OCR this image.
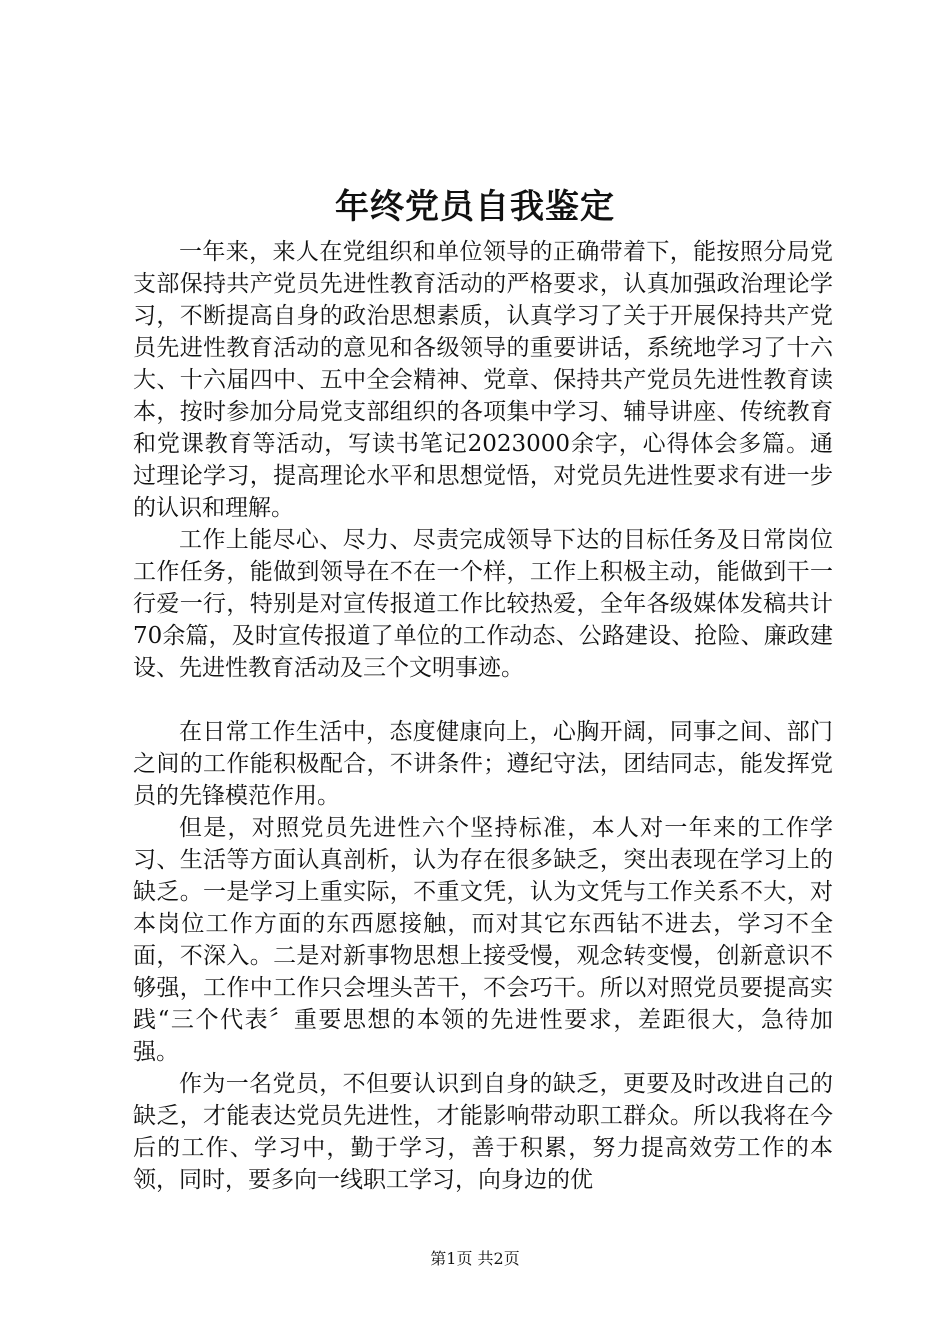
年终党员自我鉴定

一年来，来人在党组织和单位领导的正确带着下，能按照分局党支部保持共产党员先进性教育活动的严格要求，认真加强政治理论学习，不断提高自身的政治思想素质，认真学习了关于开展保持共产党员先进性教育活动的意见和各级领导的重要讲话，系统地学习了十六大、十六届四中、五中全会精神、党章、保持共产党员先进性教育读本，按时参加分局党支部组织的各项集中学习、辅导讲座、传统教育和党课教育等活动，写读书笔记2023000余字，心得体会多篇。通过理论学习，提高理论水平和思想觉悟，对党员先进性要求有进一步的认识和理解。

工作上能尽心、尽力、尽责完成领导下达的目标任务及日常岗位工作任务，能做到领导在不在一个样，工作上积极主动，能做到干一行爱一行，特别是对宣传报道工作比较热爱，全年各级媒体发稿共计70余篇，及时宣传报道了单位的工作动态、公路建设、抢险、廉政建设、先进性教育活动及三个文明事迹。

在日常工作生活中，态度健康向上，心胸开阔，同事之间、部门之间的工作能积极配合，不讲条件；遵纪守法，团结同志，能发挥党员的先锋模范作用。

但是，对照党员先进性六个坚持标准，本人对一年来的工作学习、生活等方面认真剖析，认为存在很多缺乏，突出表现在学习上的缺乏。一是学习上重实际，不重文凭，认为文凭与工作关系不大，对本岗位工作方面的东西愿接触，而对其它东西钻不进去，学习不全面，不深入。二是对新事物思想上接受慢，观念转变慢，创新意识不够强，工作中工作只会埋头苦干，不会巧干。所以对照党员要提高实践“三个代表〞重要思想的本领的先进性要求，差距很大，急待加强。

作为一名党员，不但要认识到自身的缺乏，更要及时改进自己的缺乏，才能表达党员先进性，才能影响带动职工群众。所以我将在今后的工作、学习中，勤于学习，善于积累，努力提高效劳工作的本领，同时，要多向一线职工学习，向身边的优

第1页 共2页
